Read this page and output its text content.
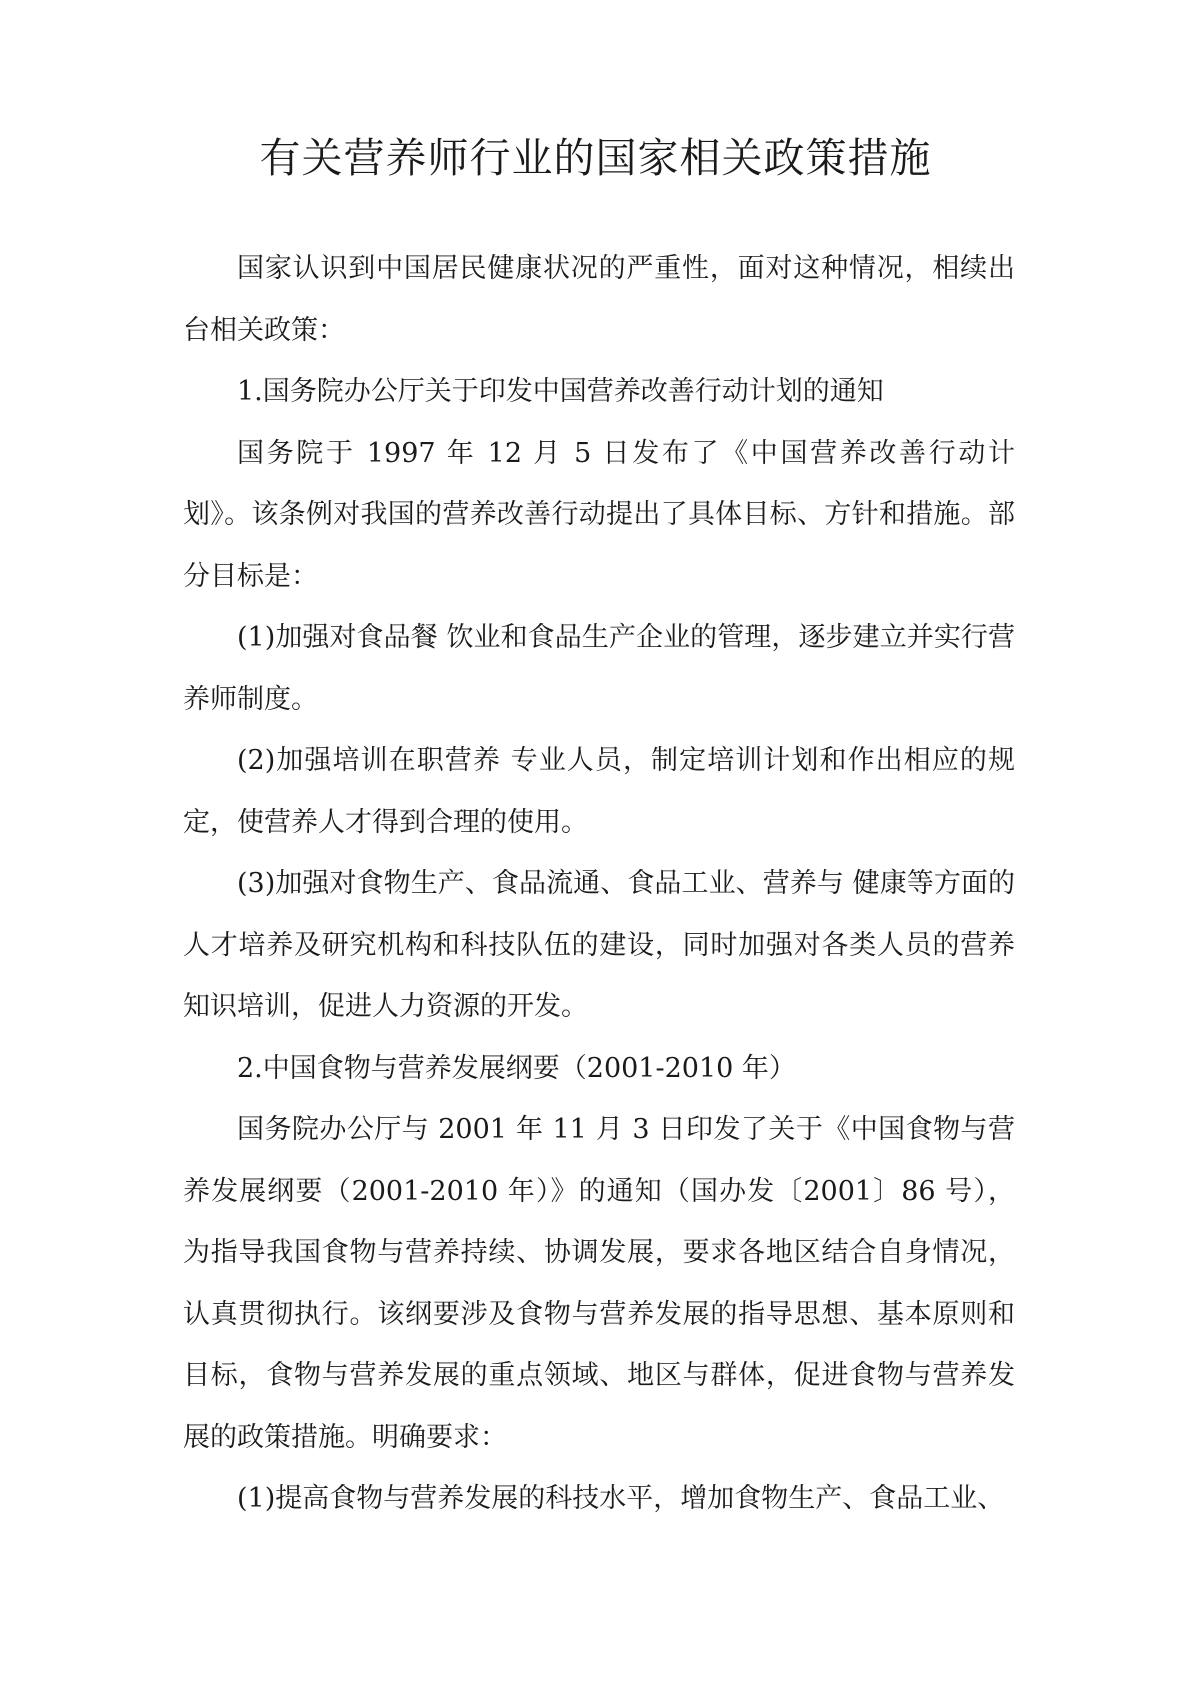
有关营养师行业的国家相关政策措施

国家认识到中国居民健康状况的严重性，面对这种情况，相续出台相关政策：

1.国务院办公厅关于印发中国营养改善行动计划的通知

国务院于 1997 年 12 月 5 日发布了《中国营养改善行动计划》。该条例对我国的营养改善行动提出了具体目标、方针和措施。部分目标是：

(1)加强对食品餐 饮业和食品生产企业的管理，逐步建立并实行营养师制度。

(2)加强培训在职营养 专业人员，制定培训计划和作出相应的规定，使营养人才得到合理的使用。

(3)加强对食物生产、食品流通、食品工业、营养与 健康等方面的人才培养及研究机构和科技队伍的建设，同时加强对各类人员的营养知识培训，促进人力资源的开发。

2.中国食物与营养发展纲要（2001-2010 年）

国务院办公厅与 2001 年 11 月 3 日印发了关于《中国食物与营养发展纲要（2001-2010 年）》的通知（国办发〔2001〕86 号），为指导我国食物与营养持续、协调发展，要求各地区结合自身情况，认真贯彻执行。该纲要涉及食物与营养发展的指导思想、基本原则和目标，食物与营养发展的重点领域、地区与群体，促进食物与营养发展的政策措施。明确要求：

(1)提高食物与营养发展的科技水平，增加食物生产、食品工业、
